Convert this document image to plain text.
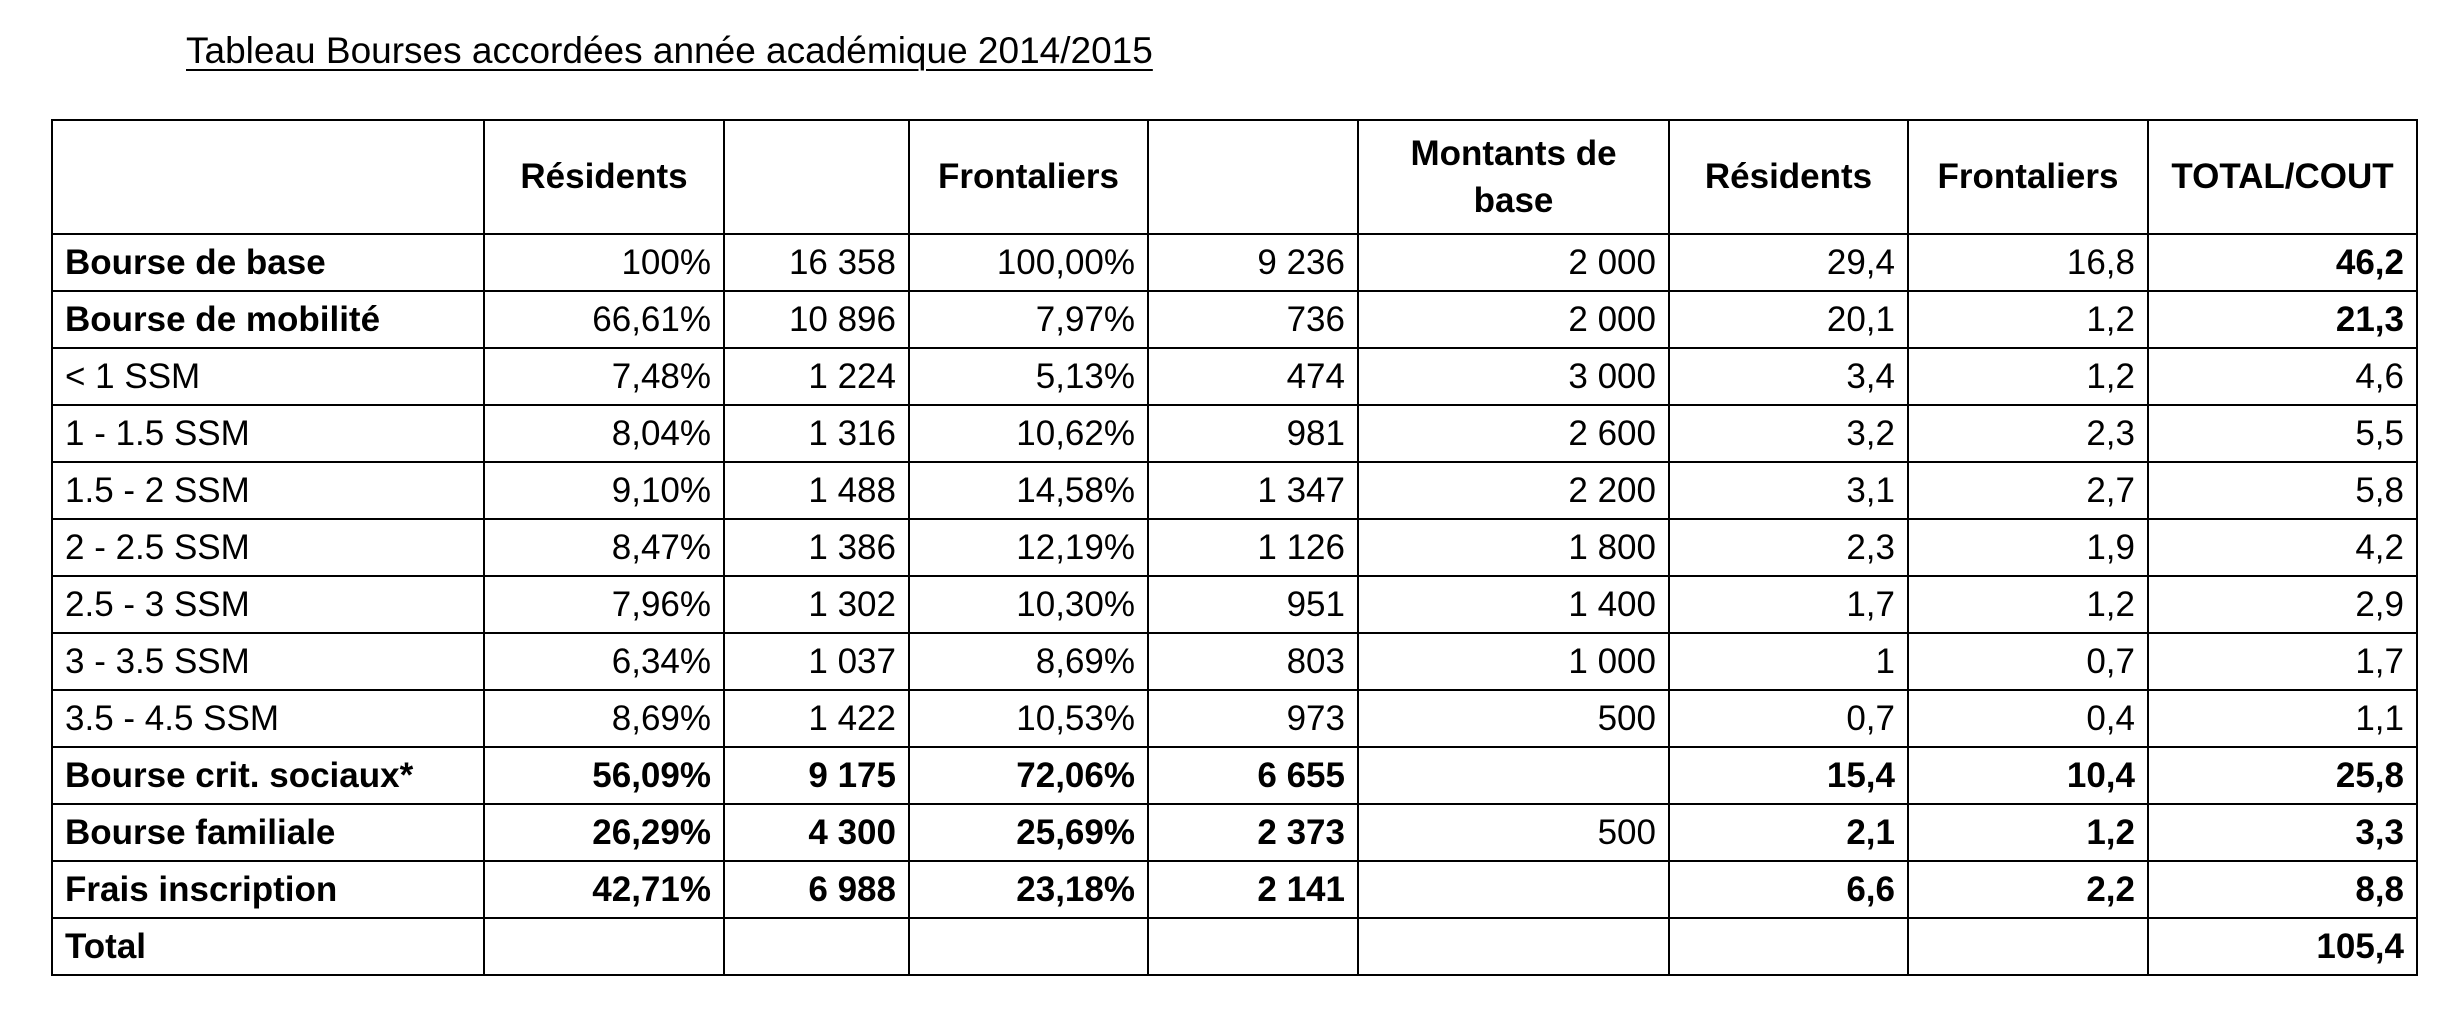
Tableau Bourses accordées année académique 2014/2015
	Résidents		Frontaliers		Montants de base	Résidents	Frontaliers	TOTAL/COUT
Bourse de base	100%	16 358	100,00%	9 236	2 000	29,4	16,8	46,2
Bourse de mobilité	66,61%	10 896	7,97%	736	2 000	20,1	1,2	21,3
< 1 SSM	7,48%	1 224	5,13%	474	3 000	3,4	1,2	4,6
1 - 1.5 SSM	8,04%	1 316	10,62%	981	2 600	3,2	2,3	5,5
1.5 - 2 SSM	9,10%	1 488	14,58%	1 347	2 200	3,1	2,7	5,8
2 - 2.5 SSM	8,47%	1 386	12,19%	1 126	1 800	2,3	1,9	4,2
2.5 - 3 SSM	7,96%	1 302	10,30%	951	1 400	1,7	1,2	2,9
3 - 3.5 SSM	6,34%	1 037	8,69%	803	1 000	1	0,7	1,7
3.5 - 4.5 SSM	8,69%	1 422	10,53%	973	500	0,7	0,4	1,1
Bourse crit. sociaux*	56,09%	9 175	72,06%	6 655		15,4	10,4	25,8
Bourse familiale	26,29%	4 300	25,69%	2 373	500	2,1	1,2	3,3
Frais inscription	42,71%	6 988	23,18%	2 141		6,6	2,2	8,8
Total								105,4
